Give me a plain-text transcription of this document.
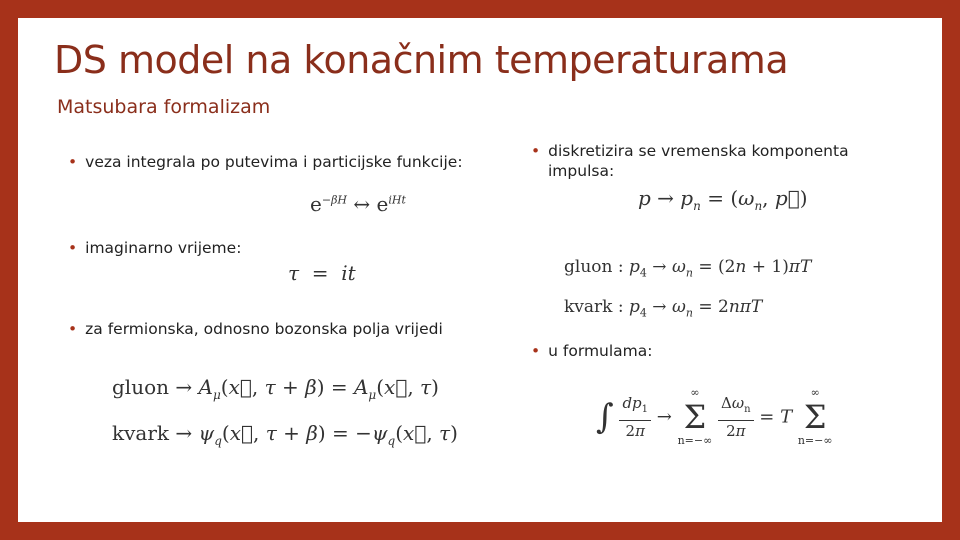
DS model na konačnim temperaturama
Matsubara formalizam
• veza integrala po putevima i particijske funkcije:
$e^{-\beta H}$ ↔ $e^{iHt}$
• imaginarno vrijeme:
τ  =  it
• za fermionska, odnosno bozonska polja vrijedi
gluon → $A_\mu(x⃗$, $\tau + \beta) = A_\mu(x⃗$, τ)
kvark → $\psi_q(x⃗$, $\tau + \beta) = -\psi_q(x⃗$, τ)
• diskretizira se vremenska komponenta
impulsa:
$p \to p_n = (\omega_n$, p⃗)
gluon : $p_4 \to \omega_n = (2n + 1)\pi T$
kvark : $p_4 \to \omega_n = 2n\pi T$
• u formulama:
∫ $\frac{dp_1}{2\pi}$ →
∞
Σ
n=−∞
$\frac{\Delta\omega_n}{2\pi} = T$
∞
Σ
n=−∞
